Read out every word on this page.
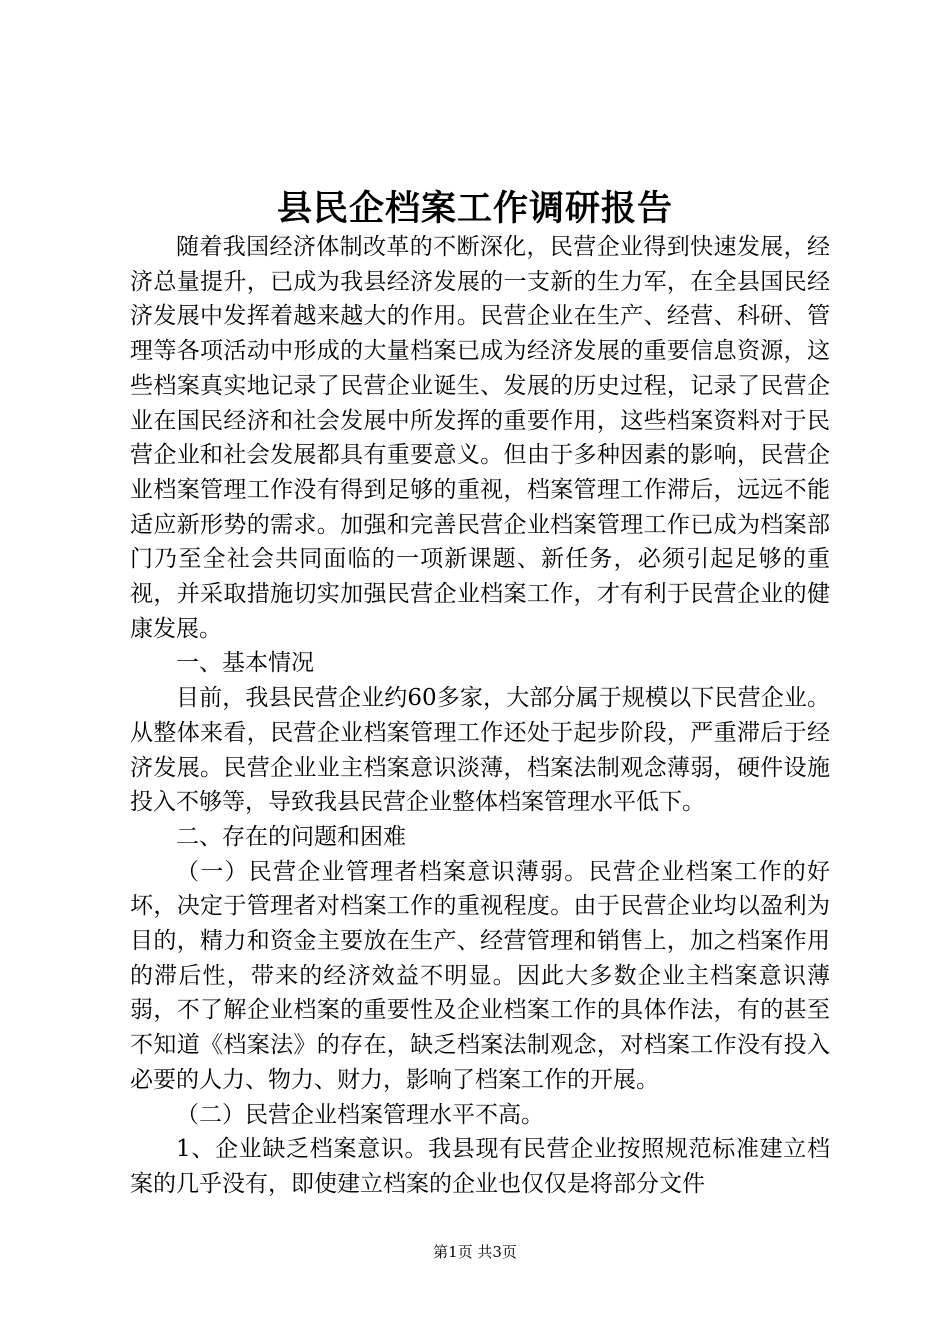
县民企档案工作调研报告

随着我国经济体制改革的不断深化，民营企业得到快速发展，经济总量提升，已成为我县经济发展的一支新的生力军，在全县国民经济发展中发挥着越来越大的作用。民营企业在生产、经营、科研、管理等各项活动中形成的大量档案已成为经济发展的重要信息资源，这些档案真实地记录了民营企业诞生、发展的历史过程，记录了民营企业在国民经济和社会发展中所发挥的重要作用，这些档案资料对于民营企业和社会发展都具有重要意义。但由于多种因素的影响，民营企业档案管理工作没有得到足够的重视，档案管理工作滞后，远远不能适应新形势的需求。加强和完善民营企业档案管理工作已成为档案部门乃至全社会共同面临的一项新课题、新任务，必须引起足够的重视，并采取措施切实加强民营企业档案工作，才有利于民营企业的健康发展。

一、基本情况

目前，我县民营企业约60多家，大部分属于规模以下民营企业。从整体来看，民营企业档案管理工作还处于起步阶段，严重滞后于经济发展。民营企业业主档案意识淡薄，档案法制观念薄弱，硬件设施投入不够等，导致我县民营企业整体档案管理水平低下。

二、存在的问题和困难

（一）民营企业管理者档案意识薄弱。民营企业档案工作的好坏，决定于管理者对档案工作的重视程度。由于民营企业均以盈利为目的，精力和资金主要放在生产、经营管理和销售上，加之档案作用的滞后性，带来的经济效益不明显。因此大多数企业主档案意识薄弱，不了解企业档案的重要性及企业档案工作的具体作法，有的甚至不知道《档案法》的存在，缺乏档案法制观念，对档案工作没有投入必要的人力、物力、财力，影响了档案工作的开展。

（二）民营企业档案管理水平不高。

1、企业缺乏档案意识。我县现有民营企业按照规范标准建立档案的几乎没有，即使建立档案的企业也仅仅是将部分文件

第1页 共3页
